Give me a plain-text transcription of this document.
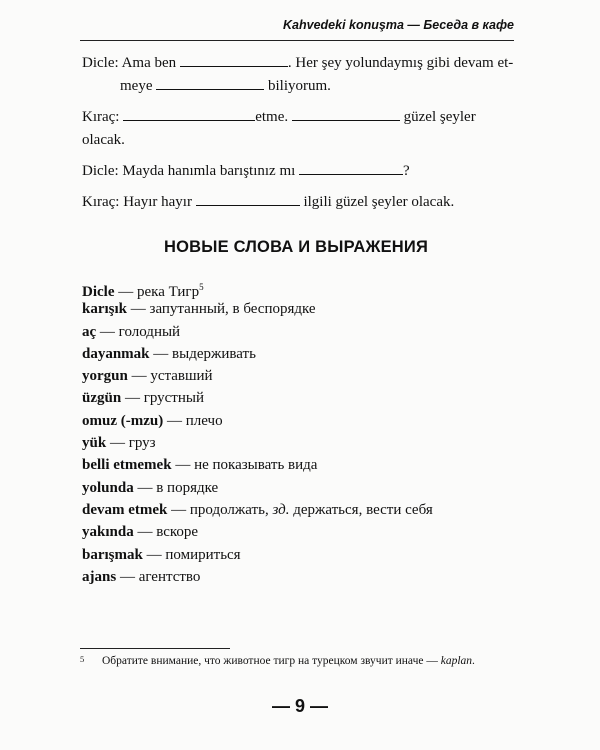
Kahvedeki konuşma — Беседа в кафе
Dicle: Ama ben	. Her şey yolundaymış gibi devam et-
meye	biliyorum.
Kıraç:	etme.	güzel şeyler olacak.
Dicle: Mayda hanımla barıştınız mı	?
Kıraç: Hayır hayır	ilgili güzel şeyler olacak.
НОВЫЕ СЛОВА И ВЫРАЖЕНИЯ
Dicle — река Тигр$^5$
karışık — запутанный, в беспорядке
aç — голодный
dayanmak — выдерживать
yorgun — уставший
üzgün — грустный
omuz (-mzu) — плечо
yük — груз
belli etmemek — не показывать вида
yolunda — в порядке
devam etmek — продолжать, зд. держаться, вести себя
yakında — вскоре
barışmak — помириться
ajans — агентство
5	Обратите внимание, что животное тигр на турецком звучит иначе — kaplan.
— 9 —
